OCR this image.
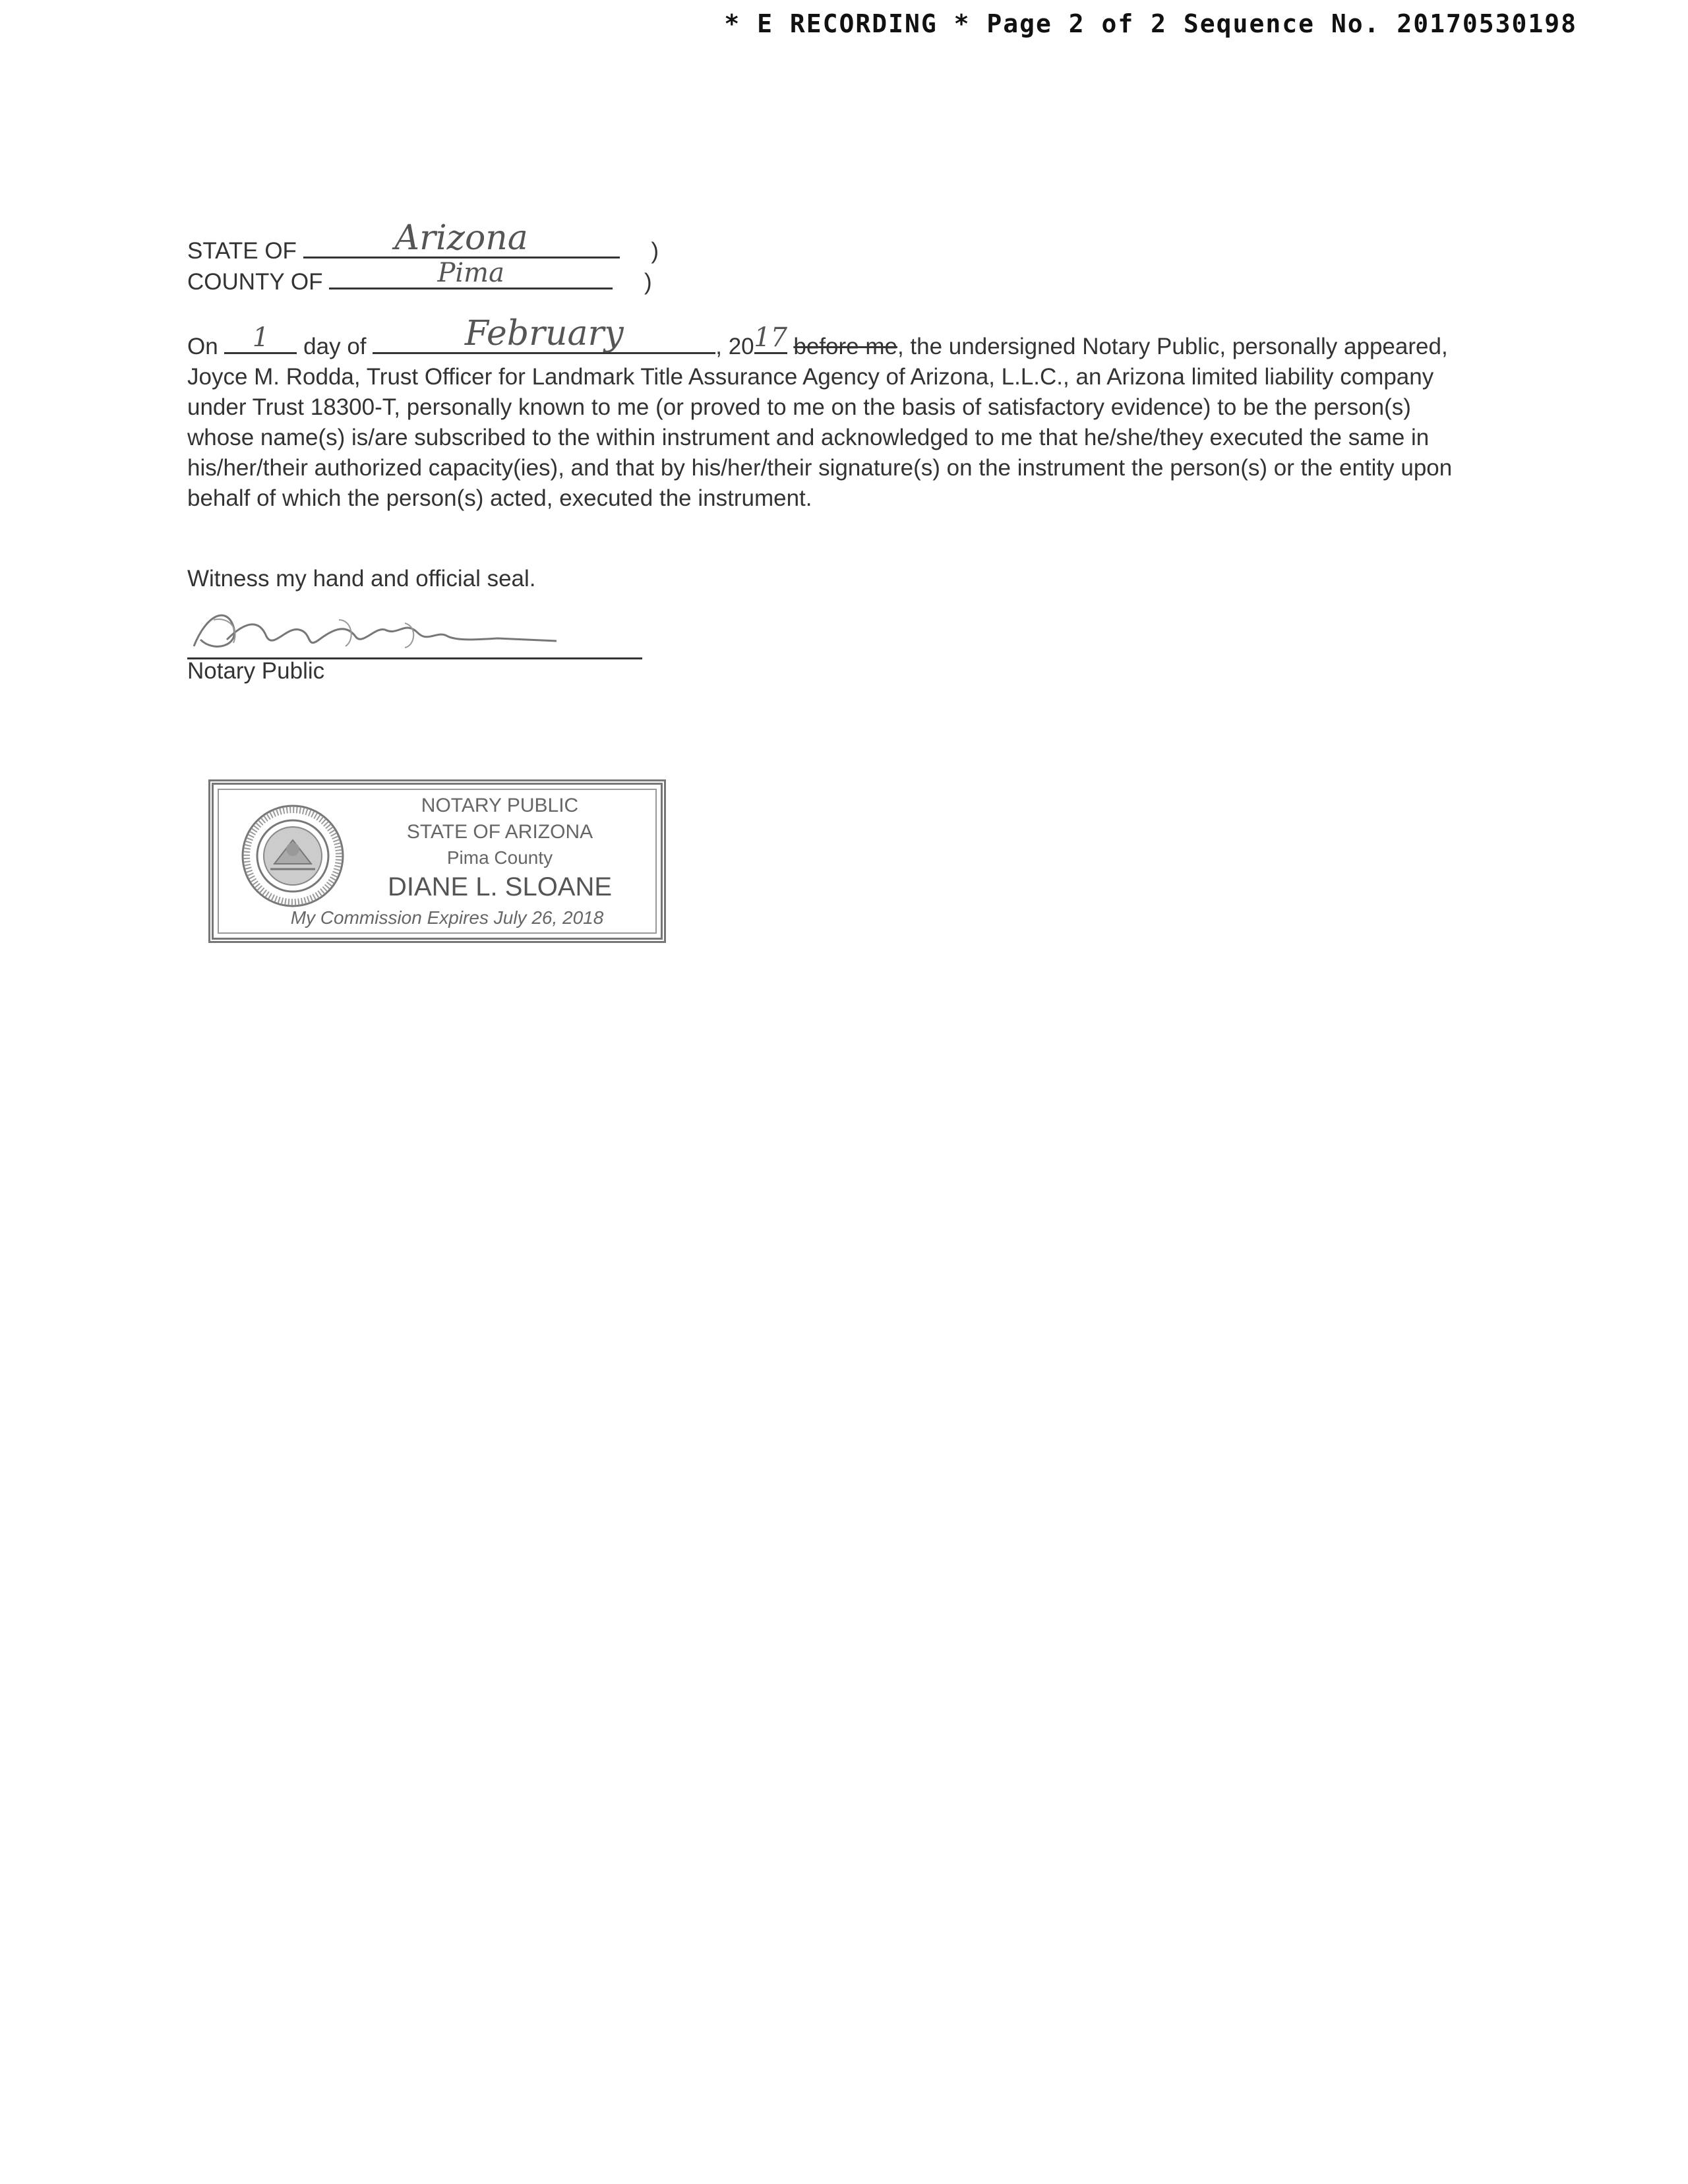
* E RECORDING * Page 2 of 2 Sequence No. 20170530198
STATE OF	Arizona	)
COUNTY OF	Pima	)
On 1 day of	February	, 20 17 before me, the undersigned Notary Public, personally appeared, Joyce M. Rodda, Trust Officer for Landmark Title Assurance Agency of Arizona, L.L.C., an Arizona limited liability company under Trust 18300-T, personally known to me (or proved to me on the basis of satisfactory evidence) to be the person(s) whose name(s) is/are subscribed to the within instrument and acknowledged to me that he/she/they executed the same in his/her/their authorized capacity(ies), and that by his/her/their signature(s) on the instrument the person(s) or the entity upon behalf of which the person(s) acted, executed the instrument.
Witness my hand and official seal.
Notary Public
NOTARY PUBLIC
STATE OF ARIZONA
Pima County
DIANE L. SLOANE
My Commission Expires July 26, 2018
